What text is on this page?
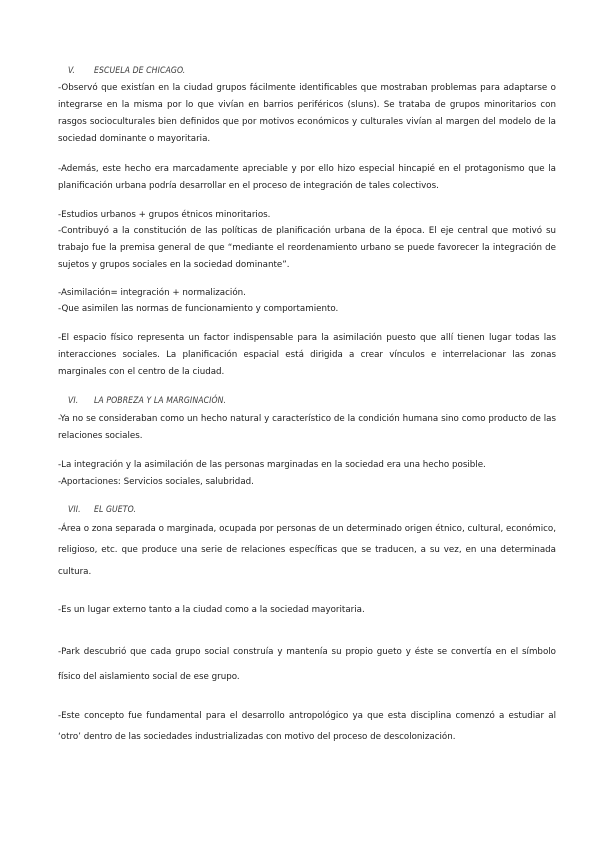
V. ESCUELA DE CHICAGO.
-Observó que existían en la ciudad grupos fácilmente identificables que mostraban problemas para adaptarse o integrarse en la misma por lo que vivían en barrios periféricos (sluns). Se trataba de grupos minoritarios con rasgos socioculturales bien definidos que por motivos económicos y culturales vivían al margen del modelo de la sociedad dominante o mayoritaria.
-Además, este hecho era marcadamente apreciable y por ello hizo especial hincapié en el protagonismo que la planificación urbana podría desarrollar en el proceso de integración de tales colectivos.
-Estudios urbanos + grupos étnicos minoritarios.
-Contribuyó a la constitución de las políticas de planificación urbana de la época. El eje central que motivó su trabajo fue la premisa general de que “mediante el reordenamiento urbano se puede favorecer la integración de sujetos y grupos sociales en la sociedad dominante”.
-Asimilación= integración + normalización.
-Que asimilen las normas de funcionamiento y comportamiento.
-El espacio físico representa un factor indispensable para la asimilación puesto que allí tienen lugar todas las interacciones sociales. La planificación espacial está dirigida a crear vínculos e interrelacionar las zonas marginales con el centro de la ciudad.
VI. LA POBREZA Y LA MARGINACIÓN.
-Ya no se consideraban como un hecho natural y característico de la condición humana sino como producto de las relaciones sociales.
-La integración y la asimilación de las personas marginadas en la sociedad era una hecho posible.
-Aportaciones: Servicios sociales, salubridad.
VII. EL GUETO.
-Área o zona separada o marginada, ocupada por personas de un determinado origen étnico, cultural, económico, religioso, etc. que produce una serie de relaciones específicas que se traducen, a su vez, en una determinada cultura.
-Es un lugar externo tanto a la ciudad como a la sociedad mayoritaria.
-Park descubrió que cada grupo social construía y mantenía su propio gueto y éste se convertía en el símbolo físico del aislamiento social de ese grupo.
-Este concepto fue fundamental para el desarrollo antropológico ya que esta disciplina comenzó a estudiar al ‘otro’ dentro de las sociedades industrializadas con motivo del proceso de descolonización.
